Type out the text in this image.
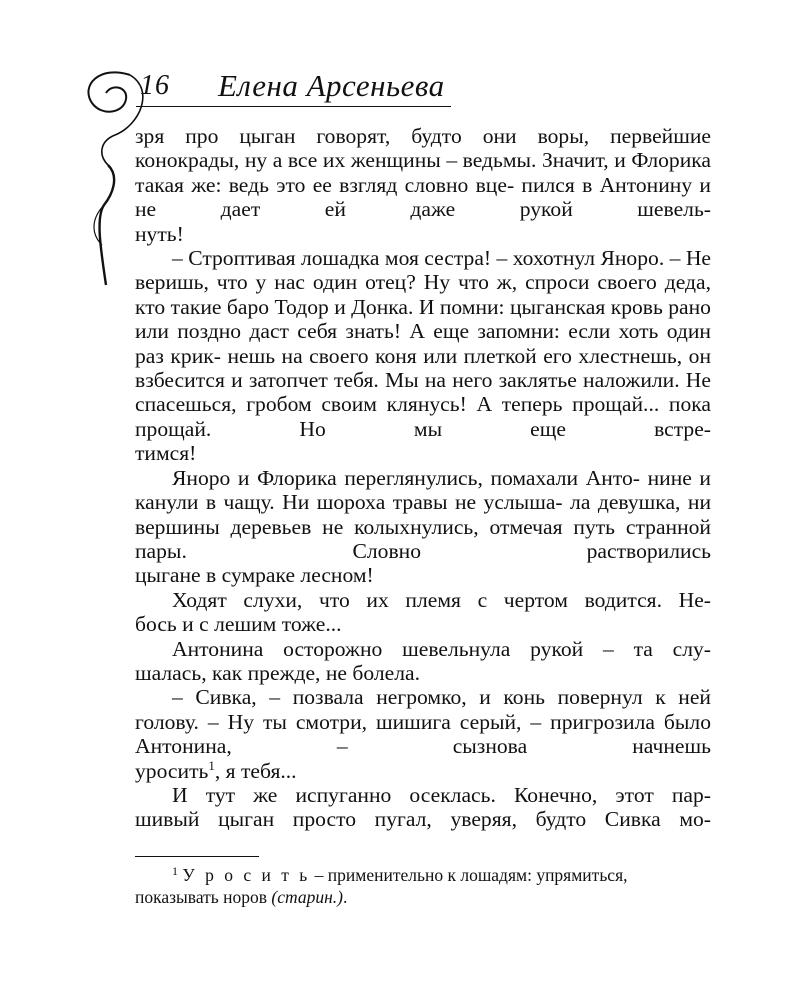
16 Елена Арсеньева

зря про цыган говорят, будто они воры, первейшие конокрады, ну а все их женщины – ведьмы. Значит, и Флорика такая же: ведь это ее взгляд словно вце- пился в Антонину и не дает ей даже рукой шевель-

нуть!

– Строптивая лошадка моя сестра! – хохотнул Яноро. – Не веришь, что у нас один отец? Ну что ж, спроси своего деда, кто такие баро Тодор и Донка. И помни: цыганская кровь рано или поздно даст себя знать! А еще запомни: если хоть один раз крик- нешь на своего коня или плеткой его хлестнешь, он взбесится и затопчет тебя. Мы на него заклятье наложили. Не спасешься, гробом своим клянусь! А теперь прощай... пока прощай. Но мы еще встре-

тимся!

Яноро и Флорика переглянулись, помахали Анто- нине и канули в чащу. Ни шороха травы не услыша- ла девушка, ни вершины деревьев не колыхнулись, отмечая путь странной пары. Словно растворились

цыгане в сумраке лесном!

Ходят слухи, что их племя с чертом водится. Не-

бось и с лешим тоже...

Антонина осторожно шевельнула рукой – та слу-

шалась, как прежде, не болела.

– Сивка, – позвала негромко, и конь повернул к ней голову. – Ну ты смотри, шишига серый, – пригрозила было Антонина, – сызнова начнешь

уросить$^1$, я тебя...

И тут же испуганно осеклась. Конечно, этот пар-

шивый цыган просто пугал, уверяя, будто Сивка мо-

$^1$ У р о с и т ь – применительно к лошадям: упрямиться,

показывать норов (старин.).
